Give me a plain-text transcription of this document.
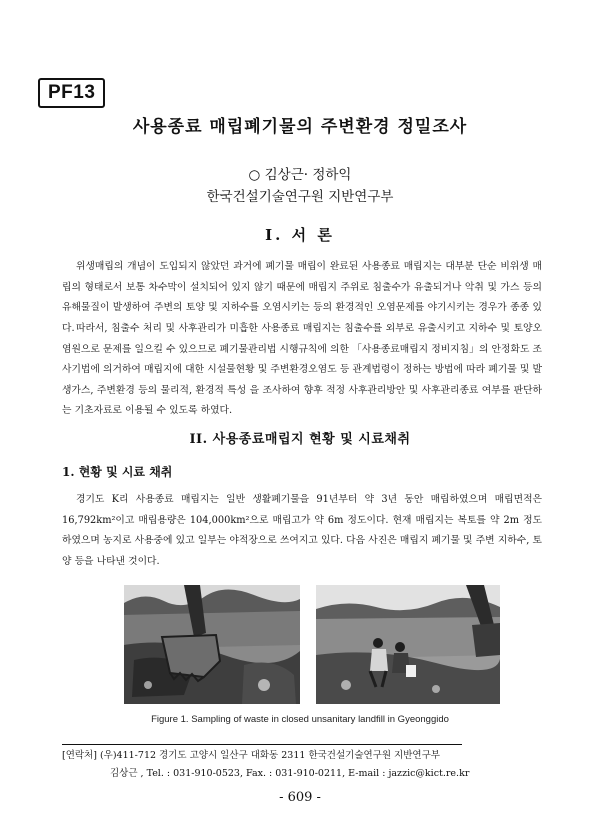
PF13
사용종료 매립폐기물의 주변환경 정밀조사
○ 김상근· 정하익
한국건설기술연구원 지반연구부
I. 서 론

위생매립의 개념이 도입되지 않았던 과거에 폐기물 매립이 완료된 사용종료 매립지는 대부분 단순 비위생 매립의 형태로서 보통 차수막이 설치되어 있지 않기 때문에 매립지 주위로 침출수가 유출되거나 악취 및 가스 등의 유해물질이 발생하여 주변의 토양 및 지하수를 오염시키는 등의 환경적인 오염문제를 야기시키는 경우가 종종 있다. 따라서, 침출수 처리 및 사후관리가 미흡한 사용종료 매립지는 침출수를 외부로 유출시키고 지하수 및 토양오염원으로 문제를 일으킬 수 있으므로 폐기물관리법 시행규칙에 의한 「사용종료매립지 정비지침」의 안정화도 조사기법에 의거하여 매립지에 대한 시설물현황 및 주변환경오염도 등 관계법령이 정하는 방법에 따라 폐기물 및 발생가스, 주변환경 등의 물리적, 환경적 특성 을 조사하여 향후 적정 사후관리방안 및 사후관리종료 여부를 판단하는 기초자료로 이용될 수 있도록 하였다.

II. 사용종료매립지 현황 및 시료채취
1. 현황 및 시료 채취

경기도 K리 사용종료 매립지는 일반 생활폐기물을 91년부터 약 3년 동안 매립하였으며 매립면적은 16,792km²이고 매립용량은 104,000km²으로 매립고가 약 6m 정도이다. 현재 매립지는 복토를 약 2m 정도 하였으며 농지로 사용중에 있고 일부는 야적장으로 쓰여지고 있다. 다음 사진은 매립지 폐기물 및 주변 지하수, 토양 등을 나타낸 것이다.

Figure 1. Sampling of waste in closed unsanitary landfill in Gyeonggido
[연락처] (우)411-712 경기도 고양시 일산구 대화동 2311 한국건설기술연구원 지반연구부
김상근 , Tel. : 031-910-0523, Fax. : 031-910-0211, E-mail : jazzic@kict.re.kr
- 609 -
